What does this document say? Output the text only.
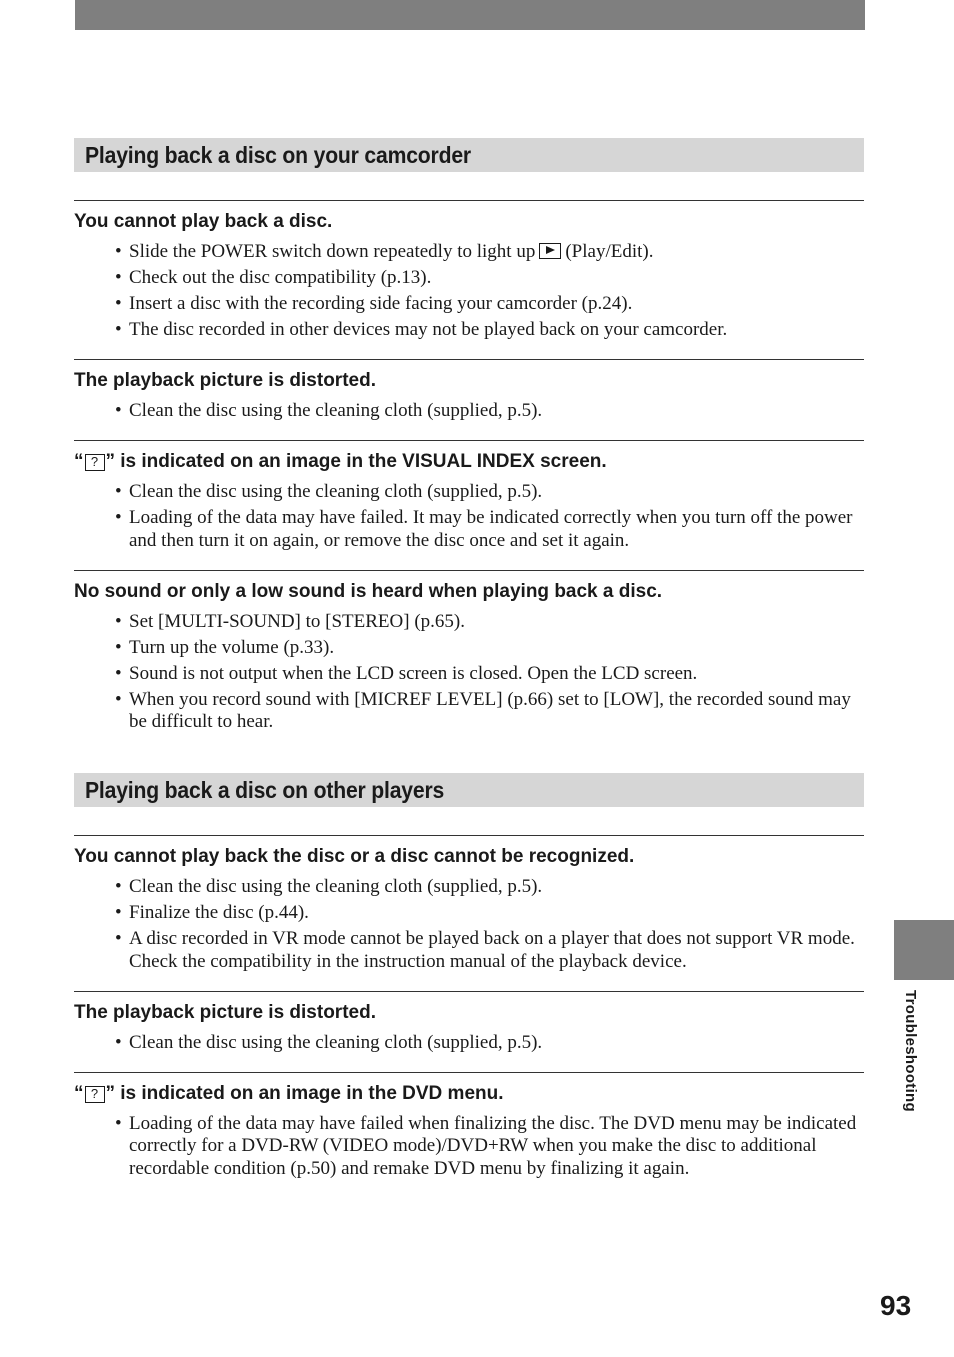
Playing back a disc on your camcorder
You cannot play back a disc.
• Slide the POWER switch down repeatedly to light up (Play/Edit).
• Check out the disc compatibility (p.13).
• Insert a disc with the recording side facing your camcorder (p.24).
• The disc recorded in other devices may not be played back on your camcorder.
The playback picture is distorted.
• Clean the disc using the cleaning cloth (supplied, p.5).
“ ? ” is indicated on an image in the VISUAL INDEX screen.
• Clean the disc using the cleaning cloth (supplied, p.5).
• Loading of the data may have failed. It may be indicated correctly when you turn off the power and then turn it on again, or remove the disc once and set it again.
No sound or only a low sound is heard when playing back a disc.
• Set [MULTI-SOUND] to [STEREO] (p.65).
• Turn up the volume (p.33).
• Sound is not output when the LCD screen is closed. Open the LCD screen.
• When you record sound with [MICREF LEVEL] (p.66) set to [LOW], the recorded sound may be difficult to hear.
Playing back a disc on other players
You cannot play back the disc or a disc cannot be recognized.
• Clean the disc using the cleaning cloth (supplied, p.5).
• Finalize the disc (p.44).
• A disc recorded in VR mode cannot be played back on a player that does not support VR mode. Check the compatibility in the instruction manual of the playback device.
The playback picture is distorted.
• Clean the disc using the cleaning cloth (supplied, p.5).
“ ? ” is indicated on an image in the DVD menu.
• Loading of the data may have failed when finalizing the disc. The DVD menu may be indicated correctly for a DVD-RW (VIDEO mode)/DVD+RW when you make the disc to additional recordable condition (p.50) and remake DVD menu by finalizing it again.
Troubleshooting
93
